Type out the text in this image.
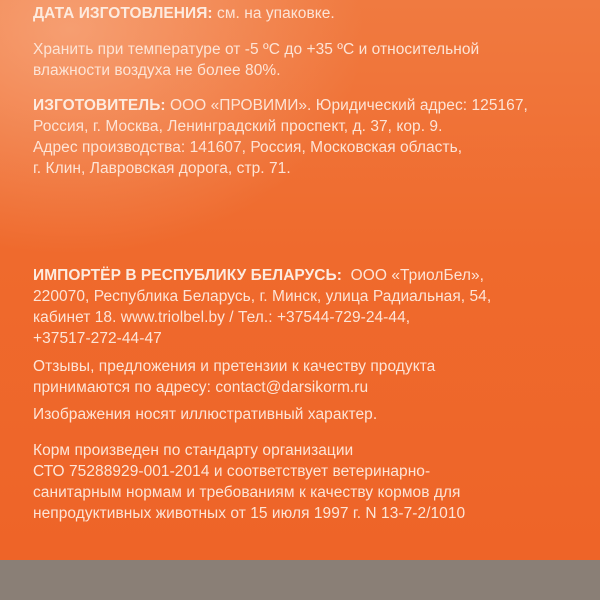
ДАТА ИЗГОТОВЛЕНИЯ: см. на упаковке.

Хранить при температуре от -5 ºC до +35 ºC и относительной

влажности воздуха не более 80%.

ИЗГОТОВИТЕЛЬ: ООО «ПРОВИМИ». Юридический адрес: 125167,

Россия, г. Москва, Ленинградский проспект, д. 37, кор. 9.

Адрес производства: 141607, Россия, Московская область,

г. Клин, Лавровская дорога, стр. 71.

ИМПОРТЁР В РЕСПУБЛИКУ БЕЛАРУСЬ:  ООО «ТриолБел»,

220070, Республика Беларусь, г. Минск, улица Радиальная, 54,

кабинет 18. www.triolbel.by / Тел.: +37544-729-24-44,

+37517-272-44-47

Отзывы, предложения и претензии к качеству продукта

принимаются по адресу: contact@darsikorm.ru

Изображения носят иллюстративный характер.

Корм произведен по стандарту организации

СТО 75288929-001-2014 и соответствует ветеринарно-

санитарным нормам и требованиям к качеству кормов для

непродуктивных животных от 15 июля 1997 г. N 13-7-2/1010
